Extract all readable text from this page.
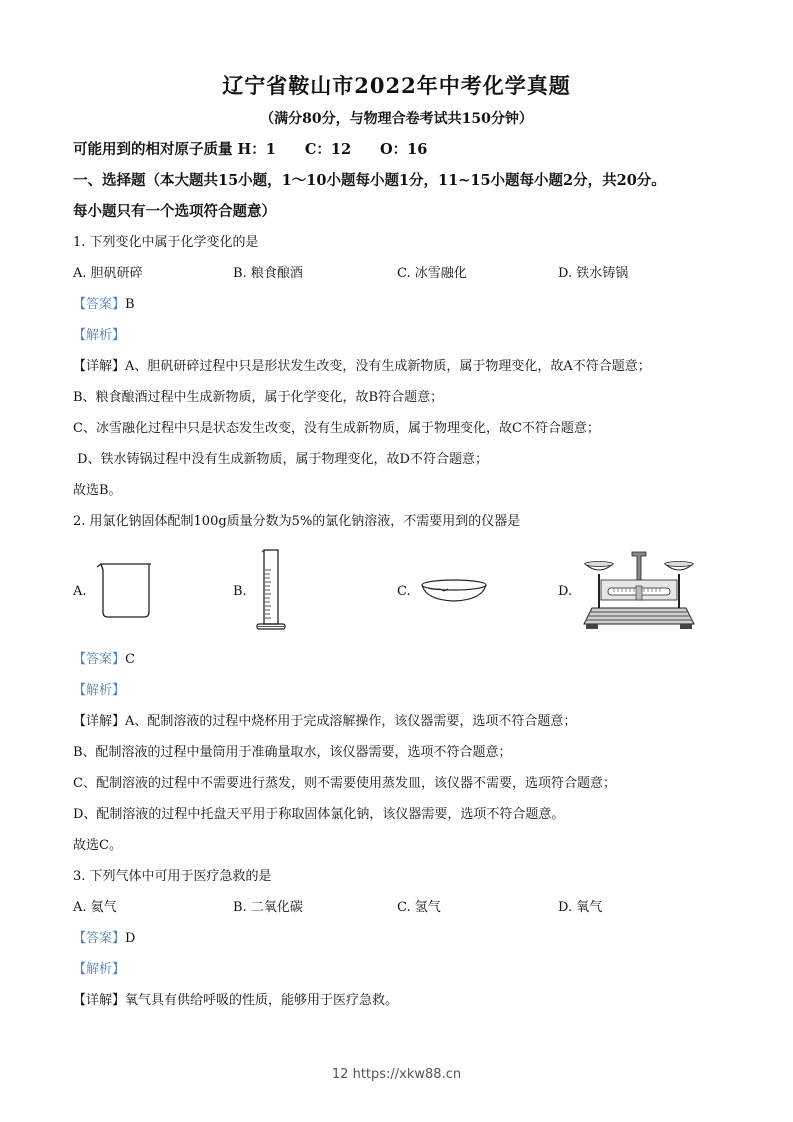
辽宁省鞍山市2022年中考化学真题
（满分80分，与物理合卷考试共150分钟）
可能用到的相对原子质量 H：1　　C：12　　O：16
一、选择题（本大题共15小题，1～10小题每小题1分，11~15小题每小题2分，共20分。
每小题只有一个选项符合题意）
1. 下列变化中属于化学变化的是
A. 胆矾研碎	B. 粮食酿酒	C. 冰雪融化	D. 铁水铸锅
【答案】B
【解析】
【详解】A、胆矾研碎过程中只是形状发生改变，没有生成新物质，属于物理变化，故A不符合题意；
B、粮食酿酒过程中生成新物质，属于化学变化，故B符合题意；
C、冰雪融化过程中只是状态发生改变，没有生成新物质，属于物理变化，故C不符合题意；
D、铁水铸锅过程中没有生成新物质，属于物理变化，故D不符合题意；
故选B。
2. 用氯化钠固体配制100g质量分数为5%的氯化钠溶液，不需要用到的仪器是
A.	B.	C.	D.
【答案】C
【解析】
【详解】A、配制溶液的过程中烧杯用于完成溶解操作，该仪器需要，选项不符合题意；
B、配制溶液的过程中量筒用于准确量取水，该仪器需要，选项不符合题意；
C、配制溶液的过程中不需要进行蒸发，则不需要使用蒸发皿，该仪器不需要，选项符合题意；
D、配制溶液的过程中托盘天平用于称取固体氯化钠，该仪器需要，选项不符合题意。
故选C。
3. 下列气体中可用于医疗急救的是
A. 氦气	B. 二氧化碳	C. 氢气	D. 氧气
【答案】D
【解析】
【详解】氧气具有供给呼吸的性质，能够用于医疗急救。
12 https://xkw88.cn
